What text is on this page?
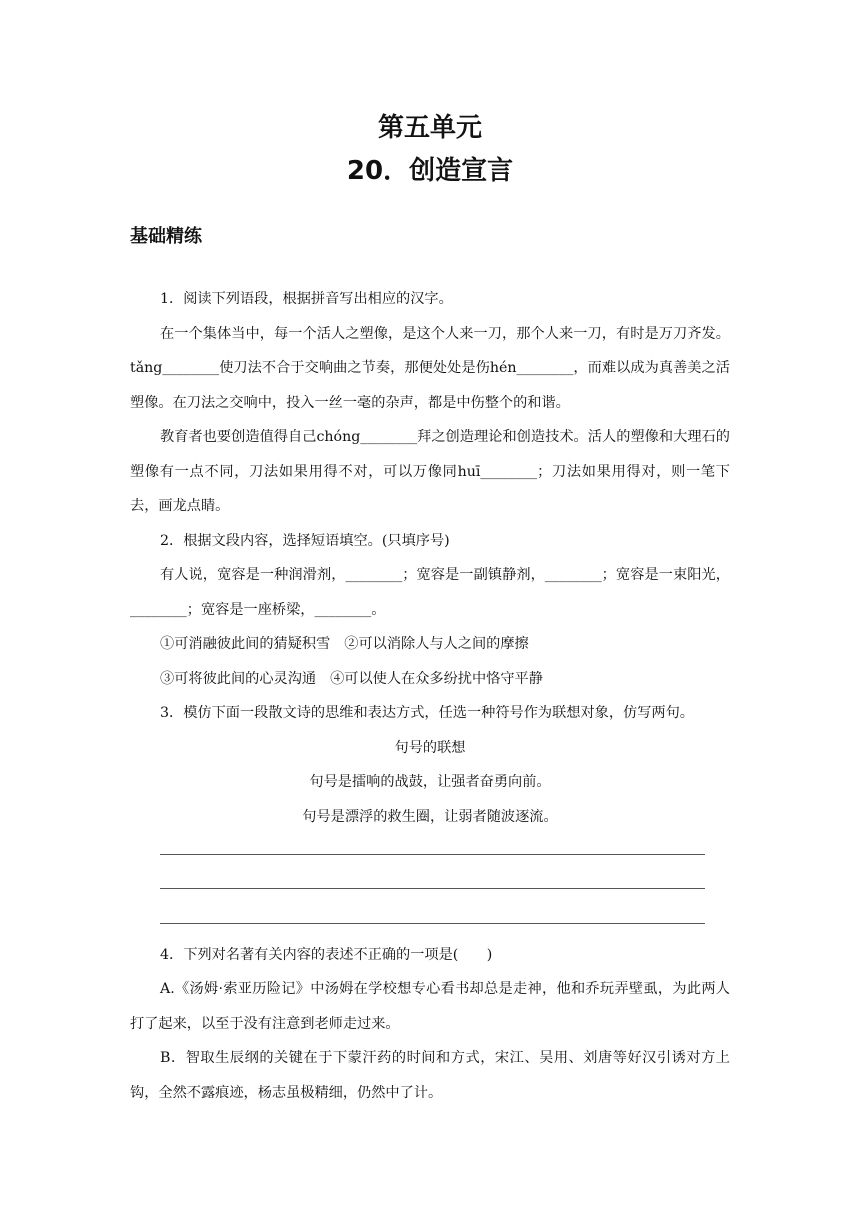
第五单元
20．创造宣言
基础精练

1．阅读下列语段，根据拼音写出相应的汉字。

在一个集体当中，每一个活人之塑像，是这个人来一刀，那个人来一刀，有时是万刀齐发。tǎng________使刀法不合于交响曲之节奏，那便处处是伤hén________，而难以成为真善美之活塑像。在刀法之交响中，投入一丝一毫的杂声，都是中伤整个的和谐。

教育者也要创造值得自己chóng________拜之创造理论和创造技术。活人的塑像和大理石的塑像有一点不同，刀法如果用得不对，可以万像同huī________；刀法如果用得对，则一笔下去，画龙点睛。

2．根据文段内容，选择短语填空。(只填序号)

有人说，宽容是一种润滑剂，________；宽容是一副镇静剂，________；宽容是一束阳光，________；宽容是一座桥梁，________。

①可消融彼此间的猜疑积雪 ②可以消除人与人之间的摩擦

③可将彼此间的心灵沟通 ④可以使人在众多纷扰中恪守平静

3．模仿下面一段散文诗的思维和表达方式，任选一种符号作为联想对象，仿写两句。

句号的联想

句号是擂响的战鼓，让强者奋勇向前。

句号是漂浮的救生圈，让弱者随波逐流。

4．下列对名著有关内容的表述不正确的一项是(　　)

A.《汤姆·索亚历险记》中汤姆在学校想专心看书却总是走神，他和乔玩弄壁虱，为此两人打了起来，以至于没有注意到老师走过来。

B．智取生辰纲的关键在于下蒙汗药的时间和方式，宋江、吴用、刘唐等好汉引诱对方上钩，全然不露痕迹，杨志虽极精细，仍然中了计。
